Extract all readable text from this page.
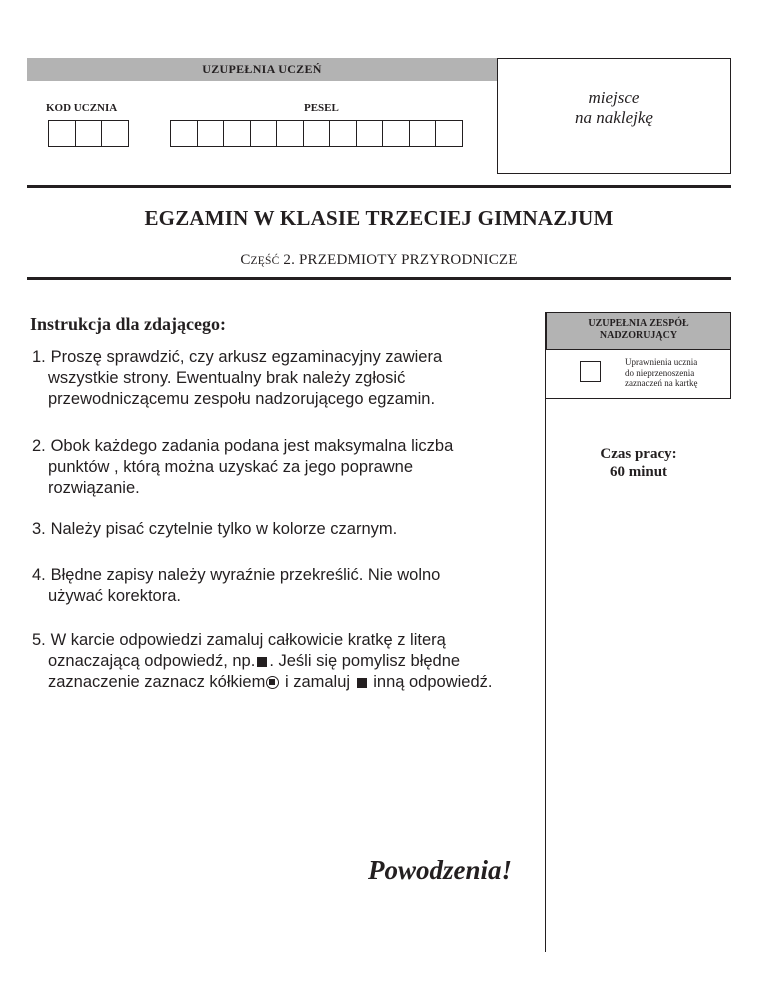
UZUPEŁNIA UCZEŃ
KOD UCZNIA	PESEL
miejsce
na naklejkę
EGZAMIN W KLASIE TRZECIEJ GIMNAZJUM
CZĘŚĆ 2. PRZEDMIOTY PRZYRODNICZE
Instrukcja dla zdającego:
1. Proszę sprawdzić, czy arkusz egzaminacyjny zawiera
wszystkie strony. Ewentualny brak należy zgłosić
przewodniczącemu zespołu nadzorującego egzamin.
2. Obok każdego zadania podana jest maksymalna liczba
punktów , którą można uzyskać za jego poprawne
rozwiązanie.
3. Należy pisać czytelnie tylko w kolorze czarnym.
4. Błędne zapisy należy wyraźnie przekreślić. Nie wolno
używać korektora.
5. W karcie odpowiedzi zamaluj całkowicie kratkę z literą
oznaczającą odpowiedź, np. . Jeśli się pomylisz błędne
zaznaczenie zaznacz kółkiem i zamaluj  inną odpowiedź.
Powodzenia!
UZUPEŁNIA ZESPÓŁ
NADZORUJĄCY
Uprawnienia ucznia
do nieprzenoszenia
zaznaczeń na kartkę
Czas pracy:
60 minut
